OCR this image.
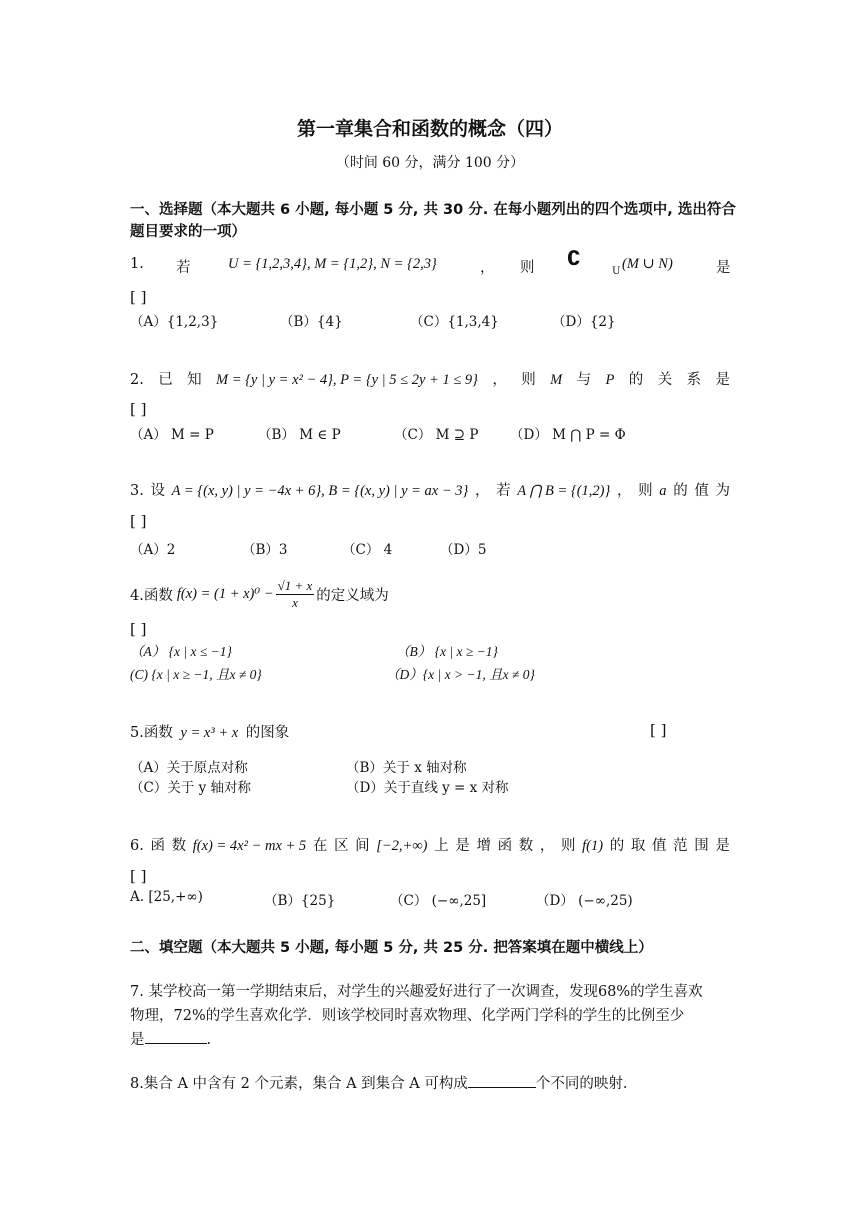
第一章集合和函数的概念（四）
（时间 60 分，满分 100 分）
一、选择题（本大题共 6 小题, 每小题 5 分, 共 30 分. 在每小题列出的四个选项中, 选出符合
题目要求的一项）
1. 若	U = {1,2,3,4}, M = {1,2}, N = {2,3}	， 则 ∁
U (M ∪ N)	是
[ ]
（A）{1,2,3}	（B）{4}	（C）{1,3,4}	（D）{2}
2. 已 知 M = {y | y = x² − 4}, P = {y | 5 ≤ 2y + 1 ≤ 9} ， 则 M 与 P 的 关 系 是
[ ]
（A） M = P	（B） M ∈ P	（C） M ⊇ P （D） M ⋂ P = Φ
3. 设 A = {(x, y) | y = −4x + 6}, B = {(x, y) | y = ax − 3} ， 若 A ⋂ B = {(1,2)} ， 则 a 的 值 为
[ ]
（A）2	（B）3	（C） 4	（D）5
4.函数 $f(x) = (1 + x)^0 - \frac{√1 + x}{x}$ 的定义域为
[ ]
（A） {x | x ≤ −1}	（B） {x | x ≥ −1}
(C) {x | x ≥ −1, 且x ≠ 0}	（D）{x | x > −1, 且x ≠ 0}
5.函数 y = x³ + x 的图象	[ ]
（A）关于原点对称	（B）关于 x 轴对称
（C）关于 y 轴对称	（D）关于直线 y = x 对称
6. 函 数 f(x) = 4x² − mx + 5 在 区 间 [−2,+∞) 上 是 增 函 数 ， 则 f(1) 的 取 值 范 围 是
[ ]
A. [25,+∞)	（B）{25}	（C） (−∞,25]	（D） (−∞,25)
二、填空题（本大题共 5 小题, 每小题 5 分, 共 25 分. 把答案填在题中横线上）
7. 某学校高一第一学期结束后，对学生的兴趣爱好进行了一次调查，发现68%的学生喜欢
物理，72%的学生喜欢化学．则该学校同时喜欢物理、化学两门学科的学生的比例至少
是	.
8.集合 A 中含有 2 个元素，集合 A 到集合 A 可构成	个不同的映射.
